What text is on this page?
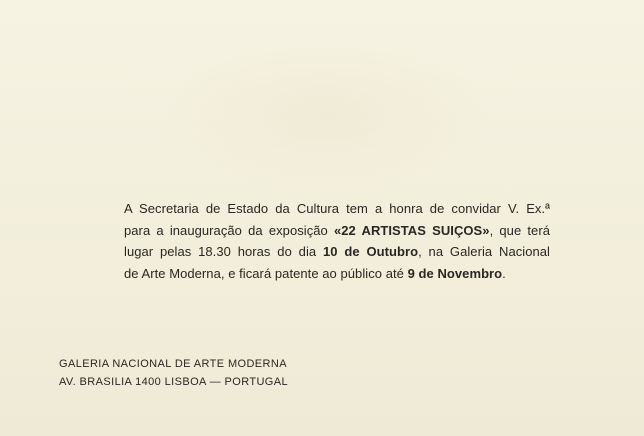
A Secretaria de Estado da Cultura tem a honra de convidar V. Ex.ª
para a inauguração da exposição «22 ARTISTAS SUIÇOS», que terá
lugar pelas 18.30 horas do dia 10 de Outubro, na Galeria Nacional
de Arte Moderna, e ficará patente ao público até 9 de Novembro.
GALERIA NACIONAL DE ARTE MODERNA
AV. BRASILIA 1400 LISBOA — PORTUGAL
